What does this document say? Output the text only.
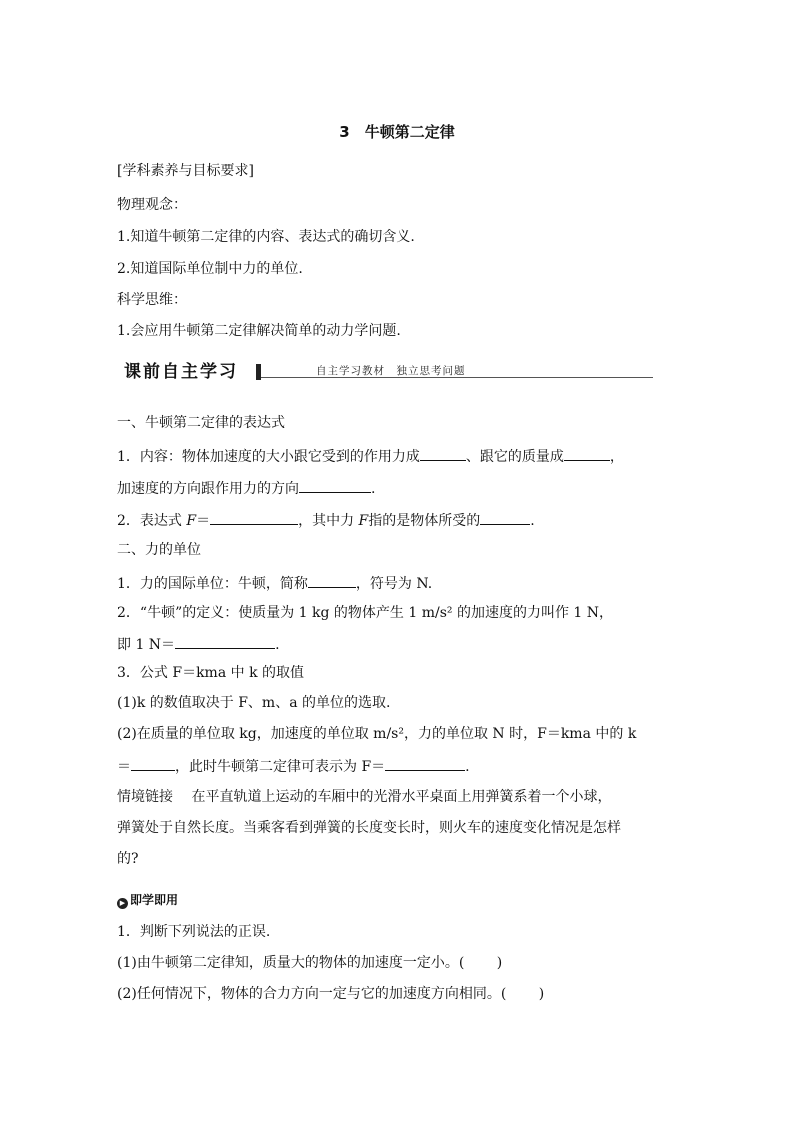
3　牛顿第二定律
[学科素养与目标要求]
物理观念：
1.知道牛顿第二定律的内容、表达式的确切含义.
2.知道国际单位制中力的单位.
科学思维：
1.会应用牛顿第二定律解决简单的动力学问题.
课前自主学习	自主学习教材　独立思考问题
一、牛顿第二定律的表达式
1．内容：物体加速度的大小跟它受到的作用力成	、跟它的质量成	，
加速度的方向跟作用力的方向	.
2．表达式 F＝	，其中力 F指的是物体所受的	.
二、力的单位
1．力的国际单位：牛顿，简称	，符号为 N.
2．“牛顿”的定义：使质量为 1 kg 的物体产生 1 m/s² 的加速度的力叫作 1 N，
即 1 N＝	.
3．公式 F＝kma 中 k 的取值
(1)k 的数值取决于 F、m、a 的单位的选取.
(2)在质量的单位取 kg，加速度的单位取 m/s²，力的单位取 N 时，F＝kma 中的 k
＝	，此时牛顿第二定律可表示为 F＝	.
情境链接　 在平直轨道上运动的车厢中的光滑水平桌面上用弹簧系着一个小球，
弹簧处于自然长度。当乘客看到弹簧的长度变长时，则火车的速度变化情况是怎样
的?
▶ 即学即用
1．判断下列说法的正误.
(1)由牛顿第二定律知，质量大的物体的加速度一定小。(　　 )
(2)任何情况下，物体的合力方向一定与它的加速度方向相同。(　　 )
